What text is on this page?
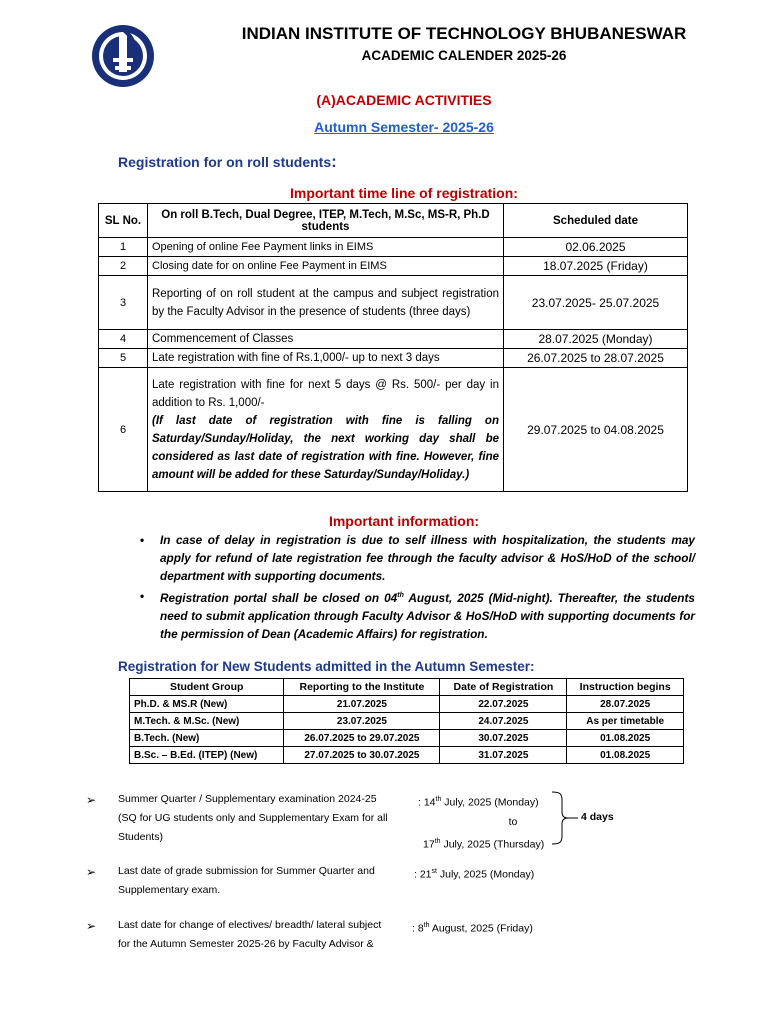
INDIAN INSTITUTE OF TECHNOLOGY BHUBANESWAR
ACADEMIC CALENDER 2025-26
(A)ACADEMIC ACTIVITIES
Autumn Semester- 2025-26
Registration for on roll students:
Important time line of registration:
SL No.	On roll B.Tech, Dual Degree, ITEP, M.Tech, M.Sc, MS-R, Ph.D students	Scheduled date
1	Opening of online Fee Payment links in EIMS	02.06.2025
2	Closing date for on online Fee Payment in EIMS	18.07.2025 (Friday)
3	Reporting of on roll student at the campus and subject registration by the Faculty Advisor in the presence of students (three days)	23.07.2025- 25.07.2025
4	Commencement of Classes	28.07.2025 (Monday)
5	Late registration with fine of Rs.1,000/- up to next 3 days	26.07.2025 to 28.07.2025
6	Late registration with fine for next 5 days @ Rs. 500/- per day in addition to Rs. 1,000/-
(If last date of registration with fine is falling on Saturday/Sunday/Holiday, the next working day shall be considered as last date of registration with fine. However, fine amount will be added for these Saturday/Sunday/Holiday.)	29.07.2025 to 04.08.2025
Important information:
• In case of delay in registration is due to self illness with hospitalization, the students may apply for refund of late registration fee through the faculty advisor & HoS/HoD of the school/ department with supporting documents.
• Registration portal shall be closed on 04th August, 2025 (Mid-night). Thereafter, the students need to submit application through Faculty Advisor & HoS/HoD with supporting documents for the permission of Dean (Academic Affairs) for registration.
Registration for New Students admitted in the Autumn Semester:
Student Group	Reporting to the Institute	Date of Registration	Instruction begins
Ph.D. & MS.R (New)	21.07.2025	22.07.2025	28.07.2025
M.Tech. & M.Sc. (New)	23.07.2025	24.07.2025	As per timetable
B.Tech. (New)	26.07.2025 to 29.07.2025	30.07.2025	01.08.2025
B.Sc. – B.Ed. (ITEP) (New)	27.07.2025 to 30.07.2025	31.07.2025	01.08.2025
➢ Summer Quarter / Supplementary examination 2024-25
(SQ for UG students only and Supplementary Exam for all
Students)
: 14th July, 2025 (Monday)
to
17th July, 2025 (Thursday)
4 days
➢ Last date of grade submission for Summer Quarter and
Supplementary exam.
: 21st July, 2025 (Monday)
➢ Last date for change of electives/ breadth/ lateral subject
for the Autumn Semester 2025-26 by Faculty Advisor &
: 8th August, 2025 (Friday)
